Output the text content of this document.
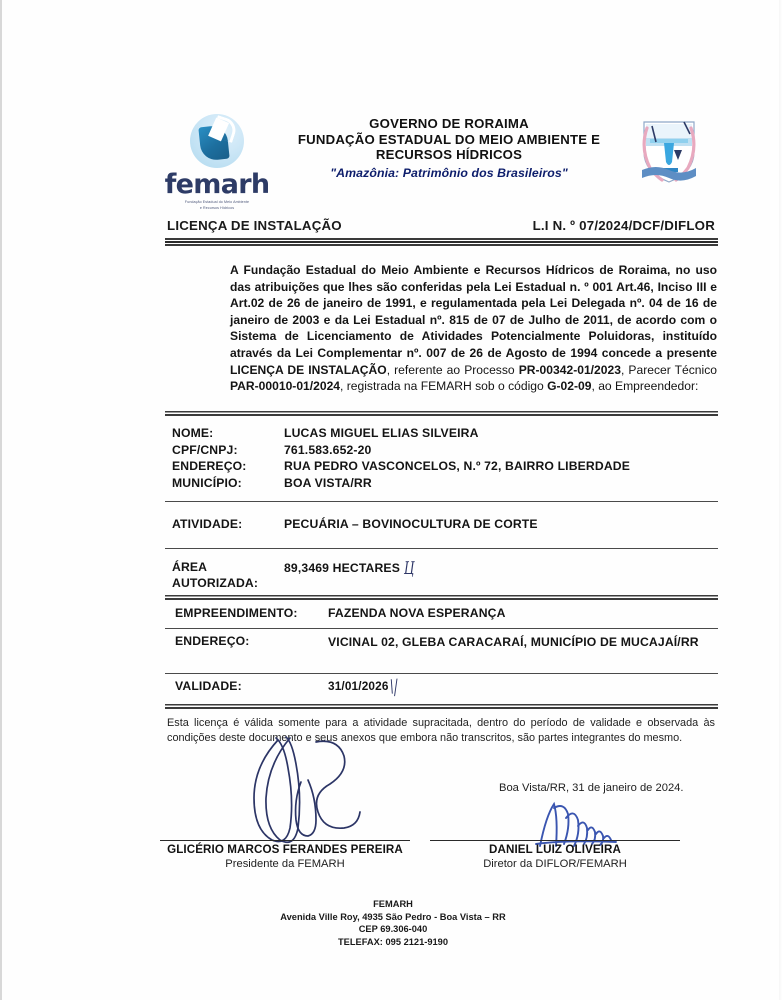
femarh
Fundação Estadual do Meio Ambiente
e Recursos Hídricos
GOVERNO DE RORAIMA
FUNDAÇÃO ESTADUAL DO MEIO AMBIENTE E
RECURSOS HÍDRICOS
"Amazônia: Patrimônio dos Brasileiros"
LICENÇA DE INSTALAÇÃO	L.I N. º 07/2024/DCF/DIFLOR
A Fundação Estadual do Meio Ambiente e Recursos Hídricos de Roraima, no uso das atribuições que lhes são conferidas pela Lei Estadual n. º 001 Art.46, Inciso III e Art.02 de 26 de janeiro de 1991, e regulamentada pela Lei Delegada nº. 04 de 16 de janeiro de 2003 e da Lei Estadual nº. 815 de 07 de Julho de 2011, de acordo com o Sistema de Licenciamento de Atividades Potencialmente Poluidoras, instituído através da Lei Complementar nº. 007 de 26 de Agosto de 1994 concede a presente LICENÇA DE INSTALAÇÃO, referente ao Processo PR-00342-01/2023, Parecer Técnico PAR-00010-01/2024, registrada na FEMARH sob o código G-02-09, ao Empreendedor:
NOME:	LUCAS MIGUEL ELIAS SILVEIRA
CPF/CNPJ:	761.583.652-20
ENDEREÇO:	RUA PEDRO VASCONCELOS, N.º 72, BAIRRO LIBERDADE
MUNICÍPIO:	BOA VISTA/RR
ATIVIDADE:	PECUÁRIA – BOVINOCULTURA DE CORTE
ÁREA
AUTORIZADA:
89,3469 HECTARES Ц
EMPREENDIMENTO:	FAZENDA NOVA ESPERANÇA
ENDEREÇO:	VICINAL 02, GLEBA CARACARAÍ, MUNICÍPIO DE MUCAJAÍ/RR
VALIDADE:	31/01/2026\|
Esta licença é válida somente para a atividade supracitada, dentro do período de validade e observada às condições deste documento e seus anexos que embora não transcritos, são partes integrantes do mesmo.
Boa Vista/RR, 31 de janeiro de 2024.
GLICÉRIO MARCOS FERANDES PEREIRA
Presidente da FEMARH
DANIEL LUIZ OLIVEIRA
Diretor da DIFLOR/FEMARH
FEMARH
Avenida Ville Roy, 4935 São Pedro - Boa Vista – RR
CEP 69.306-040
TELEFAX: 095 2121-9190
